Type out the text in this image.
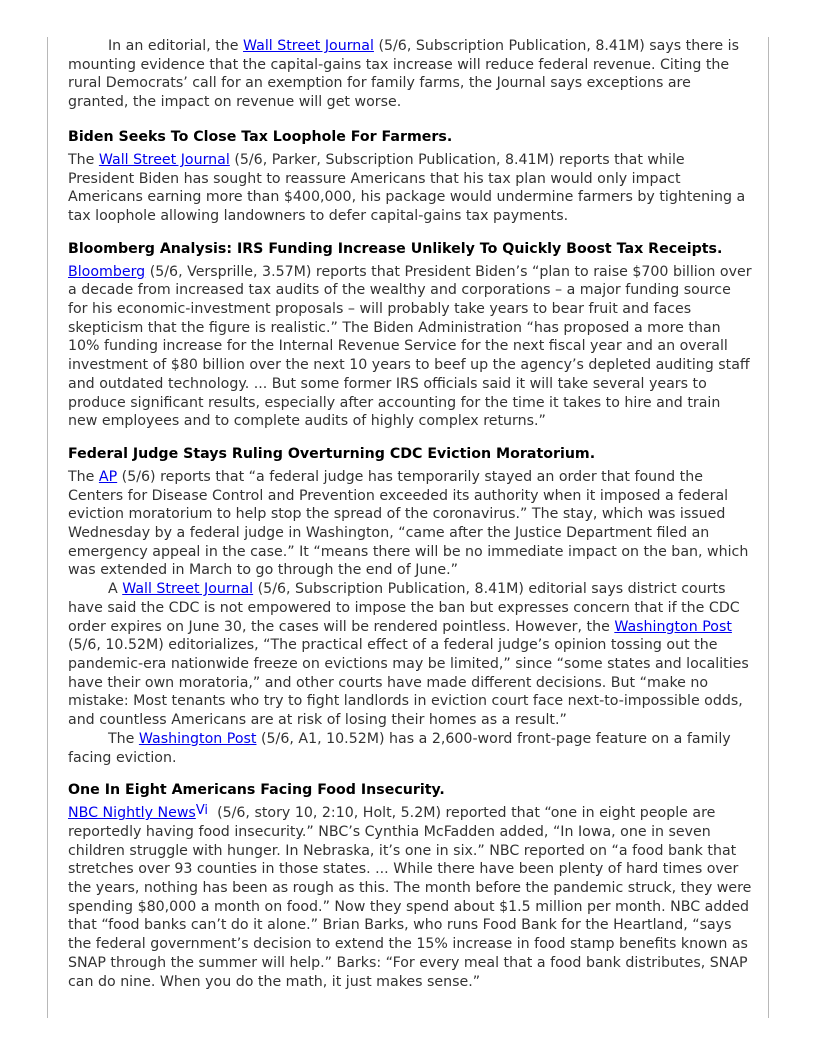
In an editorial, the Wall Street Journal (5/6, Subscription Publication, 8.41M) says there is mounting evidence that the capital-gains tax increase will reduce federal revenue. Citing the rural Democrats’ call for an exemption for family farms, the Journal says exceptions are granted, the impact on revenue will get worse.

Biden Seeks To Close Tax Loophole For Farmers.

The Wall Street Journal (5/6, Parker, Subscription Publication, 8.41M) reports that while President Biden has sought to reassure Americans that his tax plan would only impact Americans earning more than $400,000, his package would undermine farmers by tightening a tax loophole allowing landowners to defer capital-gains tax payments.

Bloomberg Analysis: IRS Funding Increase Unlikely To Quickly Boost Tax Receipts.

Bloomberg (5/6, Versprille, 3.57M) reports that President Biden’s “plan to raise $700 billion over a decade from increased tax audits of the wealthy and corporations – a major funding source for his economic-investment proposals – will probably take years to bear fruit and faces skepticism that the figure is realistic.” The Biden Administration “has proposed a more than 10% funding increase for the Internal Revenue Service for the next fiscal year and an overall investment of $80 billion over the next 10 years to beef up the agency’s depleted auditing staff and outdated technology. ... But some former IRS officials said it will take several years to produce significant results, especially after accounting for the time it takes to hire and train new employees and to complete audits of highly complex returns.”

Federal Judge Stays Ruling Overturning CDC Eviction Moratorium.

The AP (5/6) reports that “a federal judge has temporarily stayed an order that found the Centers for Disease Control and Prevention exceeded its authority when it imposed a federal eviction moratorium to help stop the spread of the coronavirus.” The stay, which was issued Wednesday by a federal judge in Washington, “came after the Justice Department filed an emergency appeal in the case.” It “means there will be no immediate impact on the ban, which was extended in March to go through the end of June.”

A Wall Street Journal (5/6, Subscription Publication, 8.41M) editorial says district courts have said the CDC is not empowered to impose the ban but expresses concern that if the CDC order expires on June 30, the cases will be rendered pointless. However, the Washington Post (5/6, 10.52M) editorializes, “The practical effect of a federal judge’s opinion tossing out the pandemic-era nationwide freeze on evictions may be limited,” since “some states and localities have their own moratoria,” and other courts have made different decisions. But “make no mistake: Most tenants who try to fight landlords in eviction court face next-to-impossible odds, and countless Americans are at risk of losing their homes as a result.”

The Washington Post (5/6, A1, 10.52M) has a 2,600-word front-page feature on a family facing eviction.

One In Eight Americans Facing Food Insecurity.

NBC Nightly News$^{Vi}$  (5/6, story 10, 2:10, Holt, 5.2M) reported that “one in eight people are reportedly having food insecurity.” NBC’s Cynthia McFadden added, “In Iowa, one in seven children struggle with hunger. In Nebraska, it’s one in six.” NBC reported on “a food bank that stretches over 93 counties in those states. ... While there have been plenty of hard times over the years, nothing has been as rough as this. The month before the pandemic struck, they were spending $80,000 a month on food.” Now they spend about $1.5 million per month. NBC added that “food banks can’t do it alone.” Brian Barks, who runs Food Bank for the Heartland, “says the federal government’s decision to extend the 15% increase in food stamp benefits known as SNAP through the summer will help.” Barks: “For every meal that a food bank distributes, SNAP can do nine. When you do the math, it just makes sense.”
